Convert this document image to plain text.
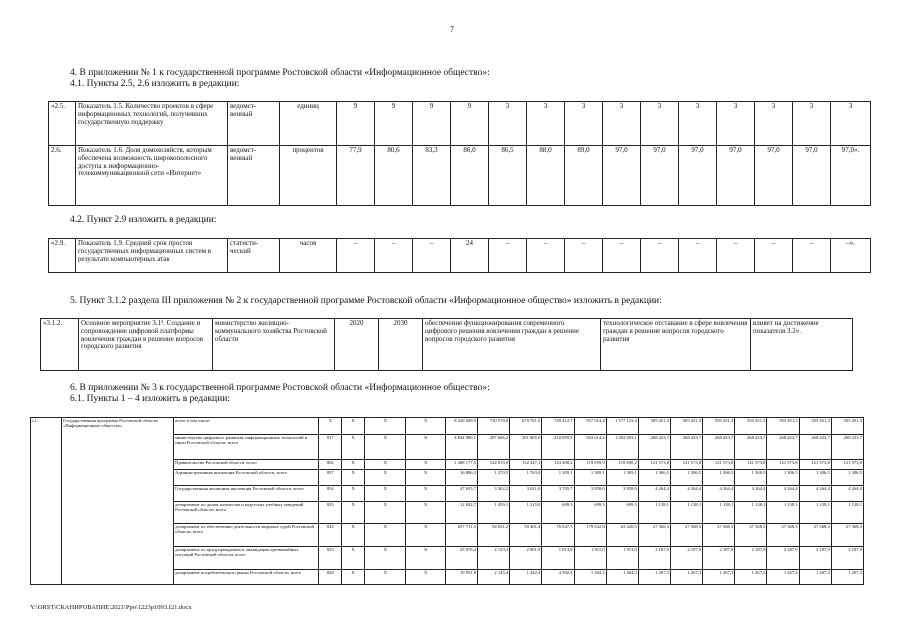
7
4. В приложении № 1 к государственной программе Ростовской области «Информационное общество»:
4.1. Пункты 2.5, 2.6 изложить в редакции:
«2.5.	Показатель 1.5. Количество проектов в сфере информационных технологий, получивших государственную поддержку	ведомст-венный	единиц	9	9	9	9	3	3	3	3	3	3	3	3	3	3
2.6.	Показатель 1.6. Доля домохозяйств, которым обеспечена возможность широкополосного доступа к информационно-телекоммуникационной сети «Интернет»	ведомст-венный	процентов	77,9	80,6	83,3	86,0	86,5	88,0	89,0	97,0	97,0	97,0	97,0	97,0	97,0	97,0».
4.2. Пункт 2.9 изложить в редакции:
«2.9.	Показатель 1.9. Средний срок простоя государственных информационных систем в результате компьютерных атак	статисти-ческий	часов	–	–	–	24	–	–	–	–	–	–	–	–	–	–».
5. Пункт 3.1.2 раздела III приложения № 2 к государственной программе Ростовской области «Информационное общество» изложить в редакции:
«3.1.2.	Основное мероприятие 3.1². Создание и сопровождение цифровой платформы вовлечения граждан в решение вопросов городского развития	министерство жилищно-коммунального хозяйства Ростовской области	2020	2030	обеспечение функционирования современного цифрового решения вовлечения граждан в решение вопросов городского развития	технологическое отставание в сфере вовлечения граждан в решение вопросов городского развития	влияет на достижение показателя 3.2».
6. В приложении № 3 к государственной программе Ростовской области «Информационное общество»:
6.1. Пункты 1 – 4 изложить в редакции:
«1.	Государственная программа Ростовской области «Информационное общество»	всего в том числе:	X	X	X	X	8 226 049,9	730 578,8	679 761,5	749 412,7	957 014,4	1 577 123,4	505 451,3	505 451,3	505 451,3	505 451,3	505 451,3	505 451,3	505 451,3
		министерство цифрового развития, информационных технологий и связи Ростовской области, всего	817	X	X	X	4 844 980,1	297 606,2	291 965,0	410 095,5	563 614,4	1 302 693,1	268 423,7	268 423,7	268 423,7	268 423,7	268 423,7	268 423,7	268 423,7
		Правительство Ростовской области, всего	802	X	X	X	1 488 177,5	122 019,0	132 347,1	143 408,2	119 059,9	119 690,2	121 573,8	121 573,8	121 573,8	121 573,8	121 573,8	121 573,8	121 573,8
		Административная инспекция Ростовской области, всего	857	X	X	X	16 806,3	1 270,5	1 763,0	1 309,1	1 309,1	1 309,1	1 306,5	1 306,5	1 306,5	1 306,5	1 306,5	1 306,5	1 306,5
		Государственная жилищная инспекция Ростовской области, всего	854	X	X	X	47 655,7	3 302,2	3 021,0	3 705,7	3 858,0	3 858,0	4 264,4	4 264,4	4 264,4	4 264,4	4 264,4	4 264,4	4 264,4
		департамент по делам казачества и кадетских учебных заведений Ростовской области, всего	825	X	X	X	12 842,7	1 459,1	1 315,0	699,3	699,3	699,3	1 138,1	1 138,1	1 138,1	1 138,1	1 138,1	1 138,1	1 138,1
		департамент по обеспечению деятельности мировых судей Ростовской области, всего	824	X	X	X	657 711,5	94 031,2	50 401,4	76 647,5	179 632,8	63 420,5	27 368,3	27 368,3	27 368,3	27 368,3	27 368,3	27 368,3	27 368,3
		департамент по предупреждению и ликвидации чрезвычайных ситуаций Ростовской области, всего	823	X	X	X	25 076,4	2 123,3	2 901,9	1 813,9	1 911,0	1 911,0	2 187,9	2 187,9	2 187,9	2 187,9	2 187,9	2 187,9	2 187,9
		департамент потребительского рынка Ростовской области, всего	828	X	X	X	19 851,8	2 145,4	1 442,3	4 582,4	1 404,3	1 404,3	1 267,3	1 267,3	1 267,3	1 267,3	1 267,3	1 267,3	1 267,3
Y:\ORST\СКАНИРОВАНИЕ\2021\Ppo\1223p1093.f21.docx
